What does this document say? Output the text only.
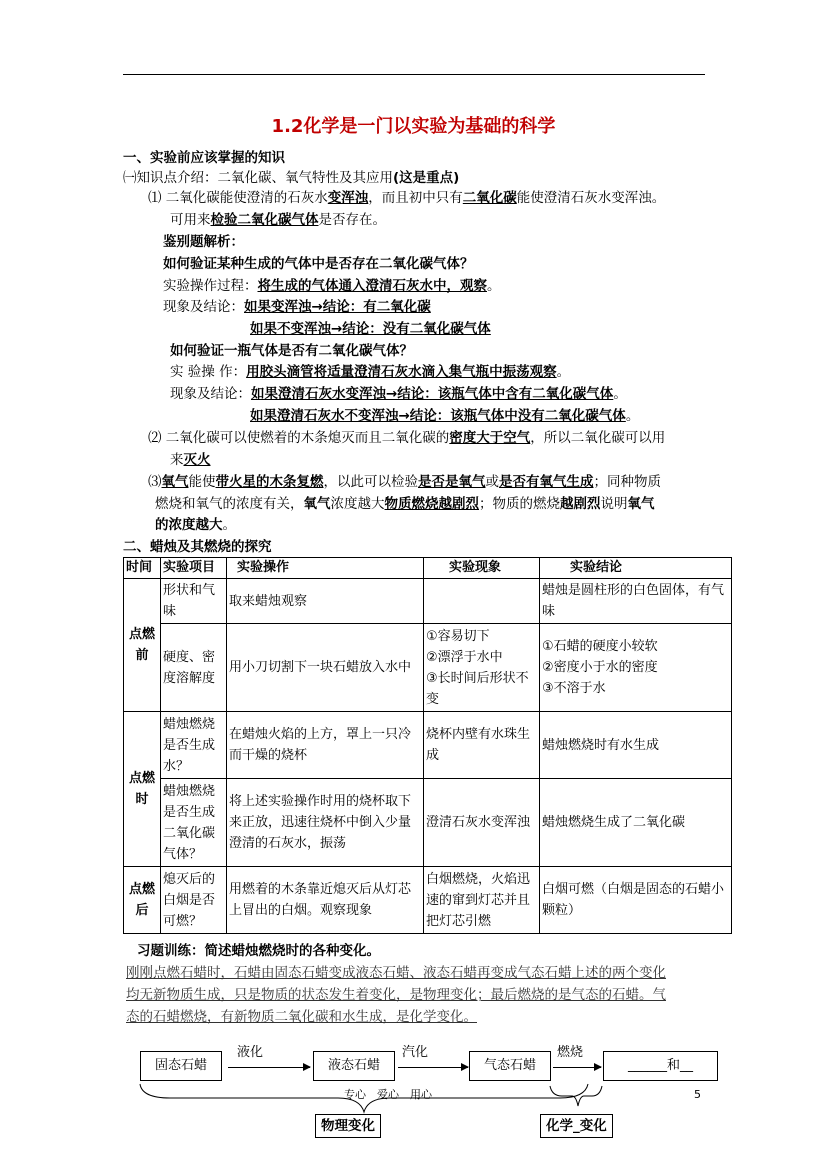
1.2化学是一门以实验为基础的科学
一、实验前应该掌握的知识
㈠知识点介绍：二氧化碳、氧气特性及其应用(这是重点)
⑴ 二氧化碳能使澄清的石灰水变浑浊，而且初中只有二氧化碳能使澄清石灰水变浑浊。
可用来检验二氧化碳气体是否存在。
鉴别题解析：
如何验证某种生成的气体中是否存在二氧化碳气体？
实验操作过程：将生成的气体通入澄清石灰水中，观察。
现象及结论：如果变浑浊→结论：有二氧化碳
如果不变浑浊→结论：没有二氧化碳气体
如何验证一瓶气体是否有二氧化碳气体？
实 验操 作：用胶头滴管将适量澄清石灰水滴入集气瓶中振荡观察。
现象及结论：如果澄清石灰水变浑浊→结论：该瓶气体中含有二氧化碳气体。
如果澄清石灰水不变浑浊→结论：该瓶气体中没有二氧化碳气体。
⑵ 二氧化碳可以使燃着的木条熄灭而且二氧化碳的密度大于空气，所以二氧化碳可以用
来灭火
⑶氧气能使带火星的木条复燃，以此可以检验是否是氧气或是否有氧气生成；同种物质
燃烧和氧气的浓度有关，氧气浓度越大物质燃烧越剧烈；物质的燃烧越剧烈说明氧气
的浓度越大。
二、蜡烛及其燃烧的探究
时间	实验项目	实验操作	实验现象	实验结论
点燃前	形状和气味	取来蜡烛观察		蜡烛是圆柱形的白色固体，有气味
	硬度、密度溶解度	用小刀切割下一块石蜡放入水中	①容易切下
②漂浮于水中
③长时间后形状不变	①石蜡的硬度小较软
②密度小于水的密度
③不溶于水
点燃时	蜡烛燃烧是否生成水？	在蜡烛火焰的上方，罩上一只冷而干燥的烧杯	烧杯内壁有水珠生成	蜡烛燃烧时有水生成
	蜡烛燃烧是否生成二氧化碳气体？	将上述实验操作时用的烧杯取下来正放，迅速往烧杯中倒入少量澄清的石灰水，振荡	澄清石灰水变浑浊	蜡烛燃烧生成了二氧化碳
点燃后	熄灭后的白烟是否可燃？	用燃着的木条靠近熄灭后从灯芯上冒出的白烟。观察现象	白烟燃烧，火焰迅速的窜到灯芯并且把灯芯引燃	白烟可燃（白烟是固态的石蜡小颗粒）
习题训练：简述蜡烛燃烧时的各种变化。
刚刚点燃石蜡时，石蜡由固态石蜡变成液态石蜡、液态石蜡再变成气态石蜡上述的两个变化
均无新物质生成，只是物质的状态发生着变化，是物理变化；最后燃烧的是气态的石蜡。气
态的石蜡燃烧，有新物质二氧化碳和水生成，是化学变化。
固态石蜡
液化
液态石蜡
汽化
气态石蜡
燃烧
______和__
专心　爱心　用心	5
物理变化	化学_变化
